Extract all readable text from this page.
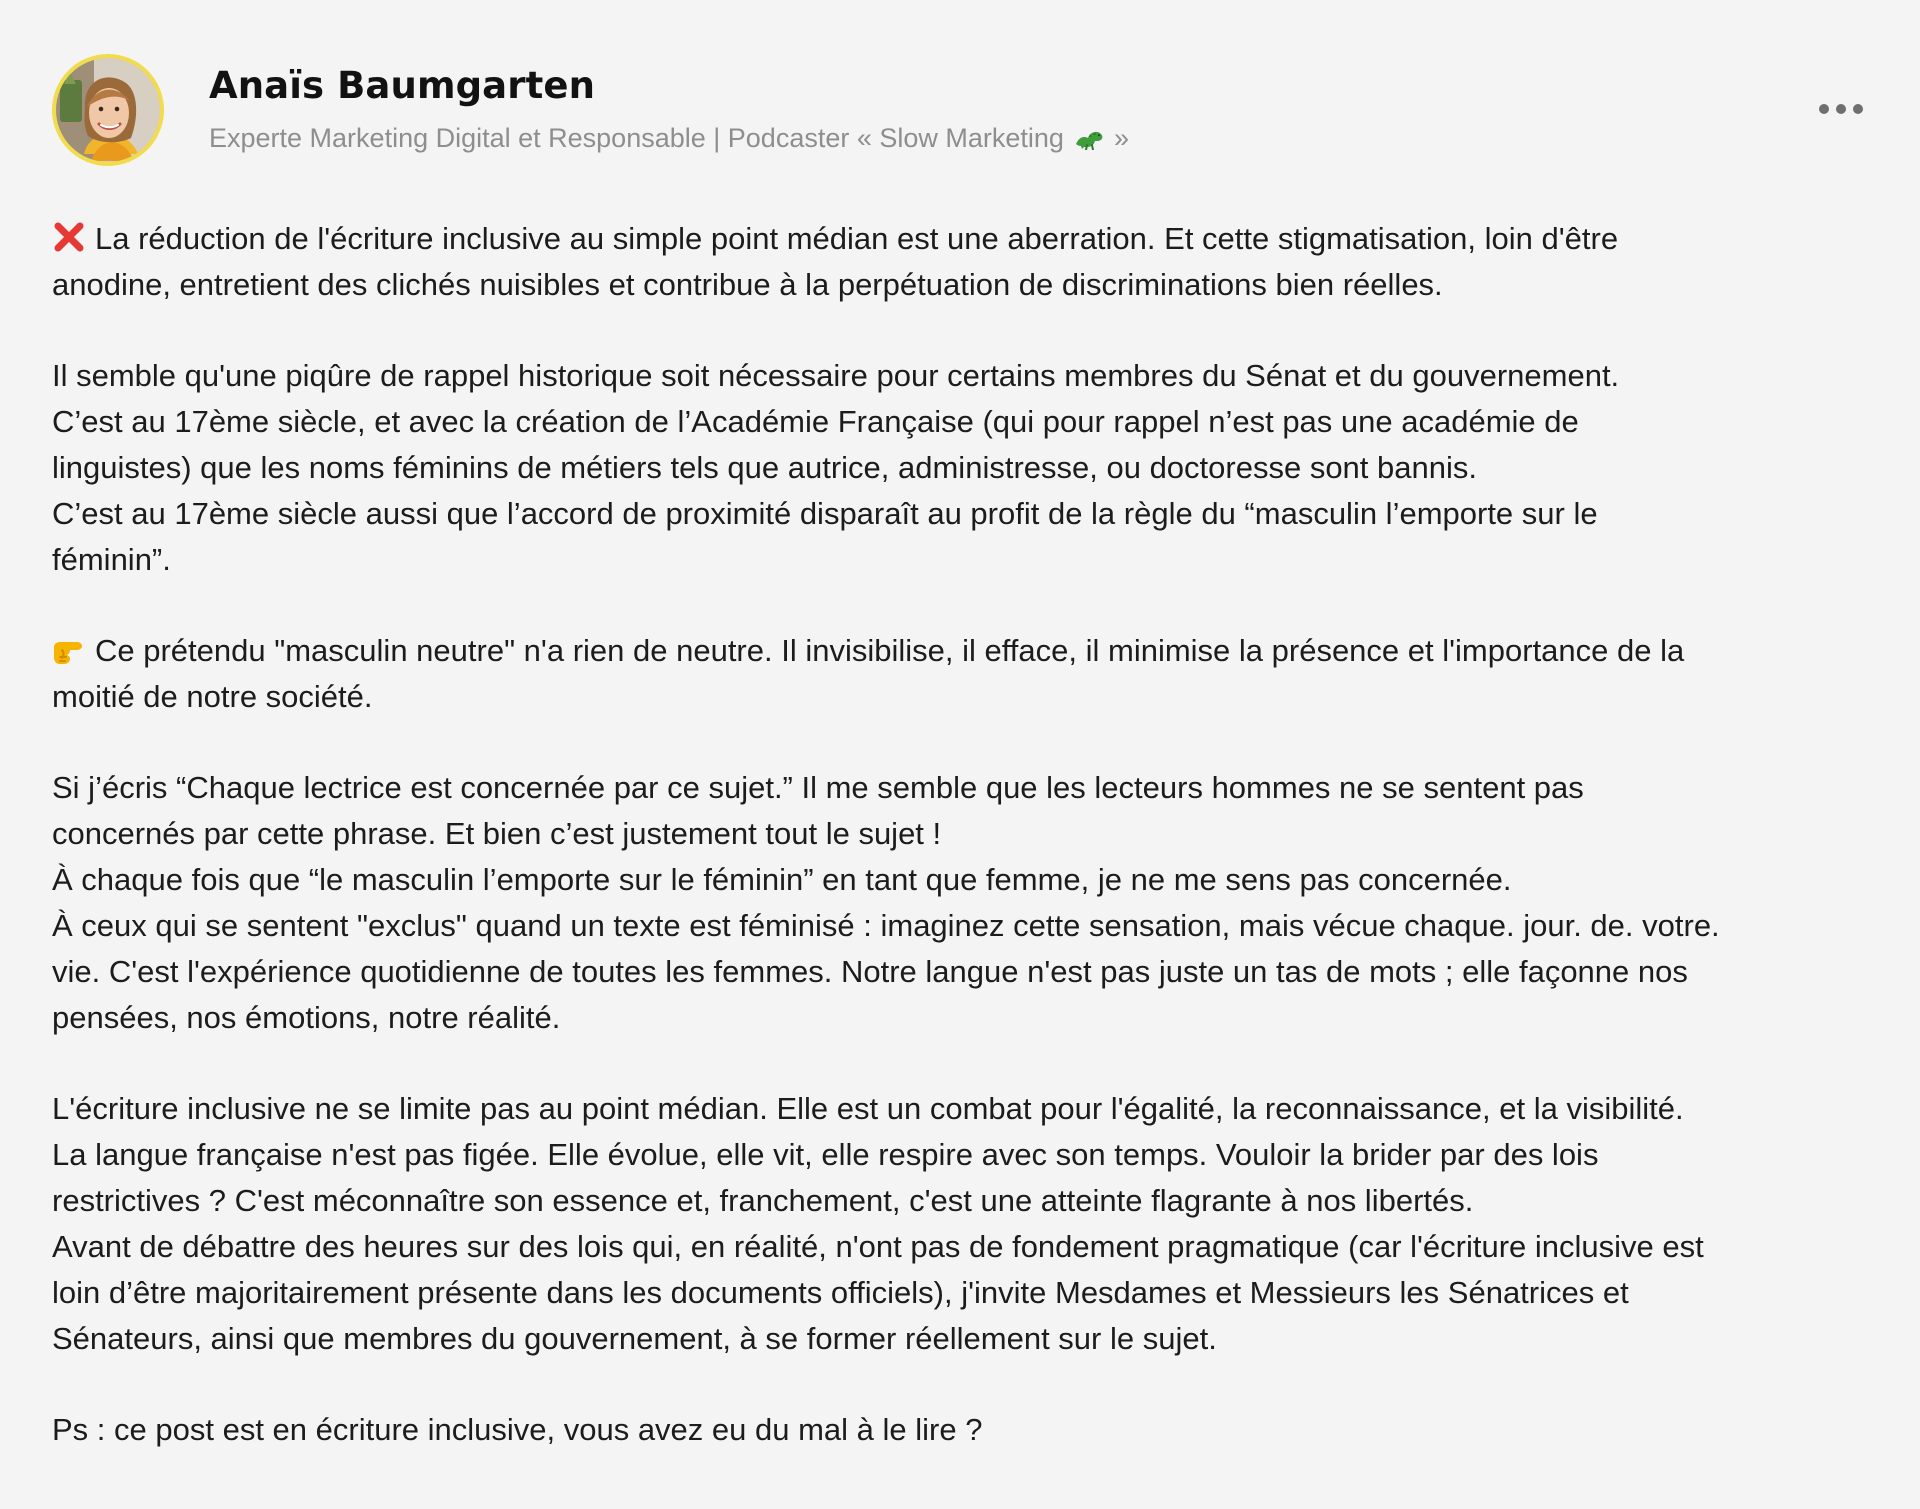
Anaïs Baumgarten
Experte Marketing Digital et Responsable | Podcaster « Slow Marketing »
La réduction de l'écriture inclusive au simple point médian est une aberration. Et cette stigmatisation, loin d'être
anodine, entretient des clichés nuisibles et contribue à la perpétuation de discriminations bien réelles.
Il semble qu'une piqûre de rappel historique soit nécessaire pour certains membres du Sénat et du gouvernement.
C’est au 17ème siècle, et avec la création de l’Académie Française (qui pour rappel n’est pas une académie de
linguistes) que les noms féminins de métiers tels que autrice, administresse, ou doctoresse sont bannis.
C’est au 17ème siècle aussi que l’accord de proximité disparaît au profit de la règle du “masculin l’emporte sur le
féminin”.
Ce prétendu "masculin neutre" n'a rien de neutre. Il invisibilise, il efface, il minimise la présence et l'importance de la
moitié de notre société.
Si j’écris “Chaque lectrice est concernée par ce sujet.” Il me semble que les lecteurs hommes ne se sentent pas
concernés par cette phrase. Et bien c’est justement tout le sujet !
À chaque fois que “le masculin l’emporte sur le féminin” en tant que femme, je ne me sens pas concernée.
À ceux qui se sentent "exclus" quand un texte est féminisé : imaginez cette sensation, mais vécue chaque. jour. de. votre.
vie. C'est l'expérience quotidienne de toutes les femmes. Notre langue n'est pas juste un tas de mots ; elle façonne nos
pensées, nos émotions, notre réalité.
L'écriture inclusive ne se limite pas au point médian. Elle est un combat pour l'égalité, la reconnaissance, et la visibilité.
La langue française n'est pas figée. Elle évolue, elle vit, elle respire avec son temps. Vouloir la brider par des lois
restrictives ? C'est méconnaître son essence et, franchement, c'est une atteinte flagrante à nos libertés.
Avant de débattre des heures sur des lois qui, en réalité, n'ont pas de fondement pragmatique (car l'écriture inclusive est
loin d’être majoritairement présente dans les documents officiels), j'invite Mesdames et Messieurs les Sénatrices et
Sénateurs, ainsi que membres du gouvernement, à se former réellement sur le sujet.
Ps : ce post est en écriture inclusive, vous avez eu du mal à le lire ?
